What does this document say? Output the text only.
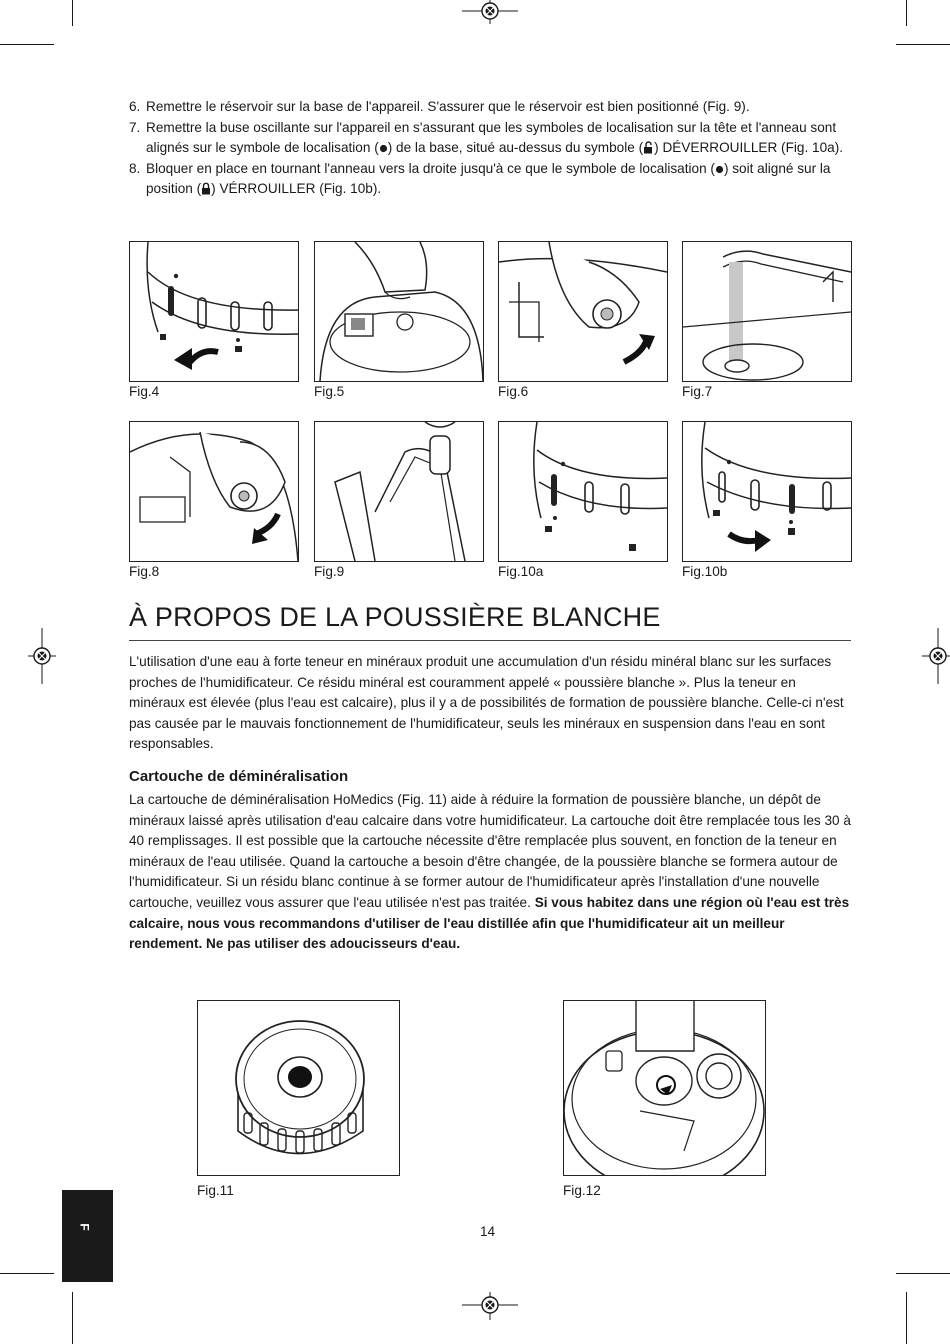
6. Remettre le réservoir sur la base de l'appareil. S'assurer que le réservoir est bien positionné (Fig. 9).
7. Remettre la buse oscillante sur l'appareil en s'assurant que les symboles de localisation sur la tête et l'anneau sont alignés sur le symbole de localisation ( ) de la base, situé au-dessus du symbole ( ) DÉVERROUILLER (Fig. 10a).
8. Bloquer en place en tournant l'anneau vers la droite jusqu'à ce que le symbole de localisation ( ) soit aligné sur la position ( ) VÉRROUILLER (Fig. 10b).
Fig.4	Fig.5	Fig.6	Fig.7
Fig.8	Fig.9	Fig.10a	Fig.10b
À PROPOS DE LA POUSSIÈRE BLANCHE

L'utilisation d'une eau à forte teneur en minéraux produit une accumulation d'un résidu minéral blanc sur les surfaces proches de l'humidificateur. Ce résidu minéral est couramment appelé « poussière blanche ». Plus la teneur en minéraux est élevée (plus l'eau est calcaire), plus il y a de possibilités de formation de poussière blanche. Celle-ci n'est pas causée par le mauvais fonctionnement de l'humidificateur, seuls les minéraux en suspension dans l'eau en sont responsables.

Cartouche de déminéralisation

La cartouche de déminéralisation HoMedics (Fig. 11) aide à réduire la formation de poussière blanche, un dépôt de minéraux laissé après utilisation d'eau calcaire dans votre humidificateur. La cartouche doit être remplacée tous les 30 à 40 remplissages. Il est possible que la cartouche nécessite d'être remplacée plus souvent, en fonction de la teneur en minéraux de l'eau utilisée. Quand la cartouche a besoin d'être changée, de la poussière blanche se formera autour de l'humidificateur. Si un résidu blanc continue à se former autour de l'humidificateur après l'installation d'une nouvelle cartouche, veuillez vous assurer que l'eau utilisée n'est pas traitée. Si vous habitez dans une région où l'eau est très calcaire, nous vous recommandons d'utiliser de l'eau distillée afin que l'humidificateur ait un meilleur rendement. Ne pas utiliser des adoucisseurs d'eau.

Fig.11	Fig.12
F	14
